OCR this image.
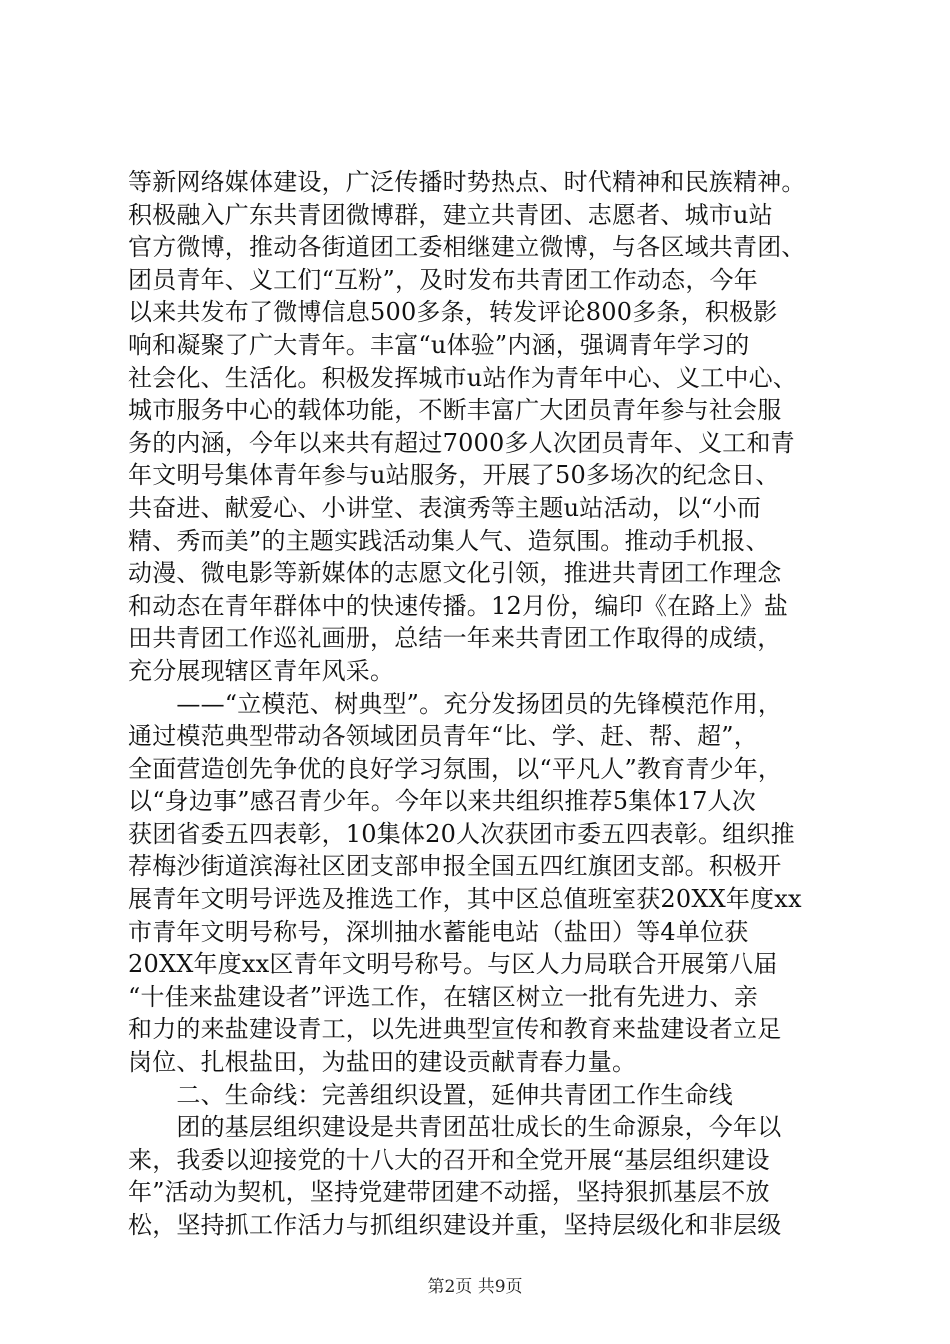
等新网络媒体建设，广泛传播时势热点、时代精神和民族精神。
积极融入广东共青团微博群，建立共青团、志愿者、城市u站
官方微博，推动各街道团工委相继建立微博，与各区域共青团、
团员青年、义工们“互粉”，及时发布共青团工作动态，今年
以来共发布了微博信息500多条，转发评论800多条，积极影
响和凝聚了广大青年。丰富“u体验”内涵，强调青年学习的
社会化、生活化。积极发挥城市u站作为青年中心、义工中心、
城市服务中心的载体功能，不断丰富广大团员青年参与社会服
务的内涵，今年以来共有超过7000多人次团员青年、义工和青
年文明号集体青年参与u站服务，开展了50多场次的纪念日、
共奋进、献爱心、小讲堂、表演秀等主题u站活动，以“小而
精、秀而美”的主题实践活动集人气、造氛围。推动手机报、
动漫、微电影等新媒体的志愿文化引领，推进共青团工作理念
和动态在青年群体中的快速传播。12月份，编印《在路上》盐
田共青团工作巡礼画册，总结一年来共青团工作取得的成绩，
充分展现辖区青年风采。
　　——“立模范、树典型”。充分发扬团员的先锋模范作用，
通过模范典型带动各领域团员青年“比、学、赶、帮、超”，
全面营造创先争优的良好学习氛围，以“平凡人”教育青少年，
以“身边事”感召青少年。今年以来共组织推荐5集体17人次
获团省委五四表彰，10集体20人次获团市委五四表彰。组织推
荐梅沙街道滨海社区团支部申报全国五四红旗团支部。积极开
展青年文明号评选及推选工作，其中区总值班室获20XX年度xx
市青年文明号称号，深圳抽水蓄能电站（盐田）等4单位获
20XX年度xx区青年文明号称号。与区人力局联合开展第八届
“十佳来盐建设者”评选工作，在辖区树立一批有先进力、亲
和力的来盐建设青工，以先进典型宣传和教育来盐建设者立足
岗位、扎根盐田，为盐田的建设贡献青春力量。
　　二、生命线：完善组织设置，延伸共青团工作生命线
　　团的基层组织建设是共青团茁壮成长的生命源泉，今年以
来，我委以迎接党的十八大的召开和全党开展“基层组织建设
年”活动为契机，坚持党建带团建不动摇，坚持狠抓基层不放
松，坚持抓工作活力与抓组织建设并重，坚持层级化和非层级
第2页 共9页
